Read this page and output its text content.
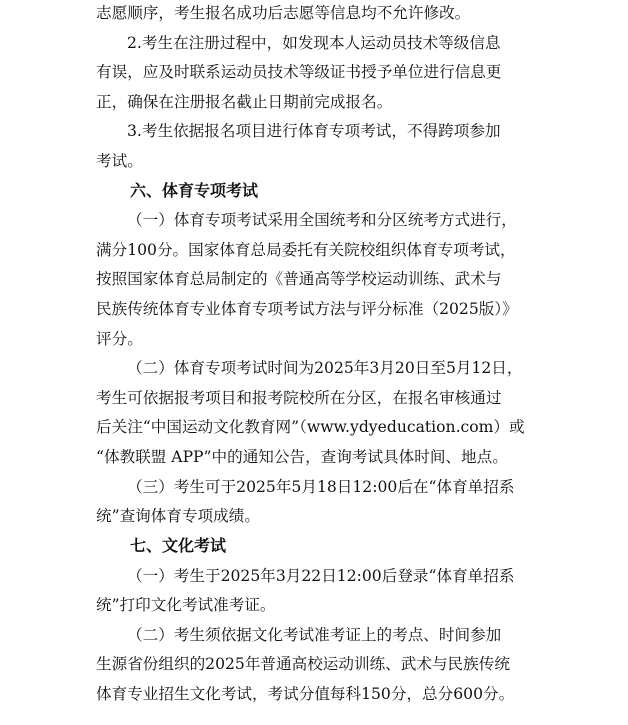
志愿顺序，考生报名成功后志愿等信息均不允许修改。
2.考生在注册过程中，如发现本人运动员技术等级信息
有误，应及时联系运动员技术等级证书授予单位进行信息更
正，确保在注册报名截止日期前完成报名。
3.考生依据报名项目进行体育专项考试，不得跨项参加
考试。
六、体育专项考试
（一）体育专项考试采用全国统考和分区统考方式进行，
满分100分。国家体育总局委托有关院校组织体育专项考试，
按照国家体育总局制定的《普通高等学校运动训练、武术与
民族传统体育专业体育专项考试方法与评分标准（2025版）》
评分。
（二）体育专项考试时间为2025年3月20日至5月12日，
考生可依据报考项目和报考院校所在分区，在报名审核通过
后关注“中国运动文化教育网”（www.ydyeducation.com）或
“体教联盟 APP”中的通知公告，查询考试具体时间、地点。
（三）考生可于2025年5月18日12:00后在“体育单招系
统”查询体育专项成绩。
七、文化考试
（一）考生于2025年3月22日12:00后登录“体育单招系
统”打印文化考试准考证。
（二）考生须依据文化考试准考证上的考点、时间参加
生源省份组织的2025年普通高校运动训练、武术与民族传统
体育专业招生文化考试，考试分值每科150分，总分600分。
